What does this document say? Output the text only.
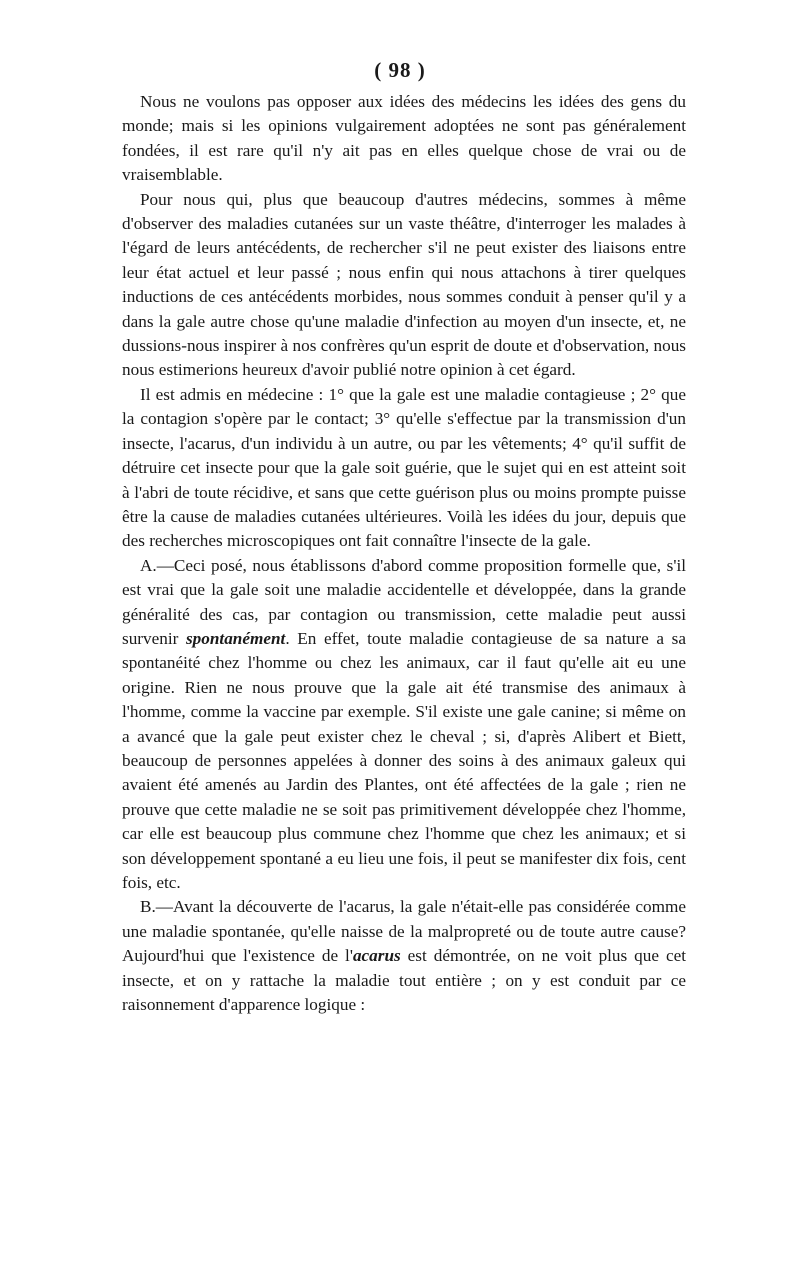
( 98 )

Nous ne voulons pas opposer aux idées des médecins les idées des gens du monde; mais si les opinions vulgairement adoptées ne sont pas généralement fondées, il est rare qu'il n'y ait pas en elles quelque chose de vrai ou de vraisemblable.

Pour nous qui, plus que beaucoup d'autres médecins, sommes à même d'observer des maladies cutanées sur un vaste théâtre, d'interroger les malades à l'égard de leurs antécédents, de rechercher s'il ne peut exister des liaisons entre leur état actuel et leur passé ; nous enfin qui nous attachons à tirer quelques inductions de ces antécédents morbides, nous sommes conduit à penser qu'il y a dans la gale autre chose qu'une maladie d'infection au moyen d'un insecte, et, ne dussions-nous inspirer à nos confrères qu'un esprit de doute et d'observation, nous nous estimerions heureux d'avoir publié notre opinion à cet égard.

Il est admis en médecine : 1° que la gale est une maladie contagieuse ; 2° que la contagion s'opère par le contact; 3° qu'elle s'effectue par la transmission d'un insecte, l'acarus, d'un individu à un autre, ou par les vêtements; 4° qu'il suffit de détruire cet insecte pour que la gale soit guérie, que le sujet qui en est atteint soit à l'abri de toute récidive, et sans que cette guérison plus ou moins prompte puisse être la cause de maladies cutanées ultérieures. Voilà les idées du jour, depuis que des recherches microscopiques ont fait connaître l'insecte de la gale.

A.—Ceci posé, nous établissons d'abord comme proposition formelle que, s'il est vrai que la gale soit une maladie accidentelle et développée, dans la grande généralité des cas, par contagion ou transmission, cette maladie peut aussi survenir spontanément. En effet, toute maladie contagieuse de sa nature a sa spontanéité chez l'homme ou chez les animaux, car il faut qu'elle ait eu une origine. Rien ne nous prouve que la gale ait été transmise des animaux à l'homme, comme la vaccine par exemple. S'il existe une gale canine; si même on a avancé que la gale peut exister chez le cheval ; si, d'après Alibert et Biett, beaucoup de personnes appelées à donner des soins à des animaux galeux qui avaient été amenés au Jardin des Plantes, ont été affectées de la gale ; rien ne prouve que cette maladie ne se soit pas primitivement développée chez l'homme, car elle est beaucoup plus commune chez l'homme que chez les animaux; et si son développement spontané a eu lieu une fois, il peut se manifester dix fois, cent fois, etc.

B.—Avant la découverte de l'acarus, la gale n'était-elle pas considérée comme une maladie spontanée, qu'elle naisse de la malpropreté ou de toute autre cause? Aujourd'hui que l'existence de l'acarus est démontrée, on ne voit plus que cet insecte, et on y rattache la maladie tout entière ; on y est conduit par ce raisonnement d'apparence logique :
